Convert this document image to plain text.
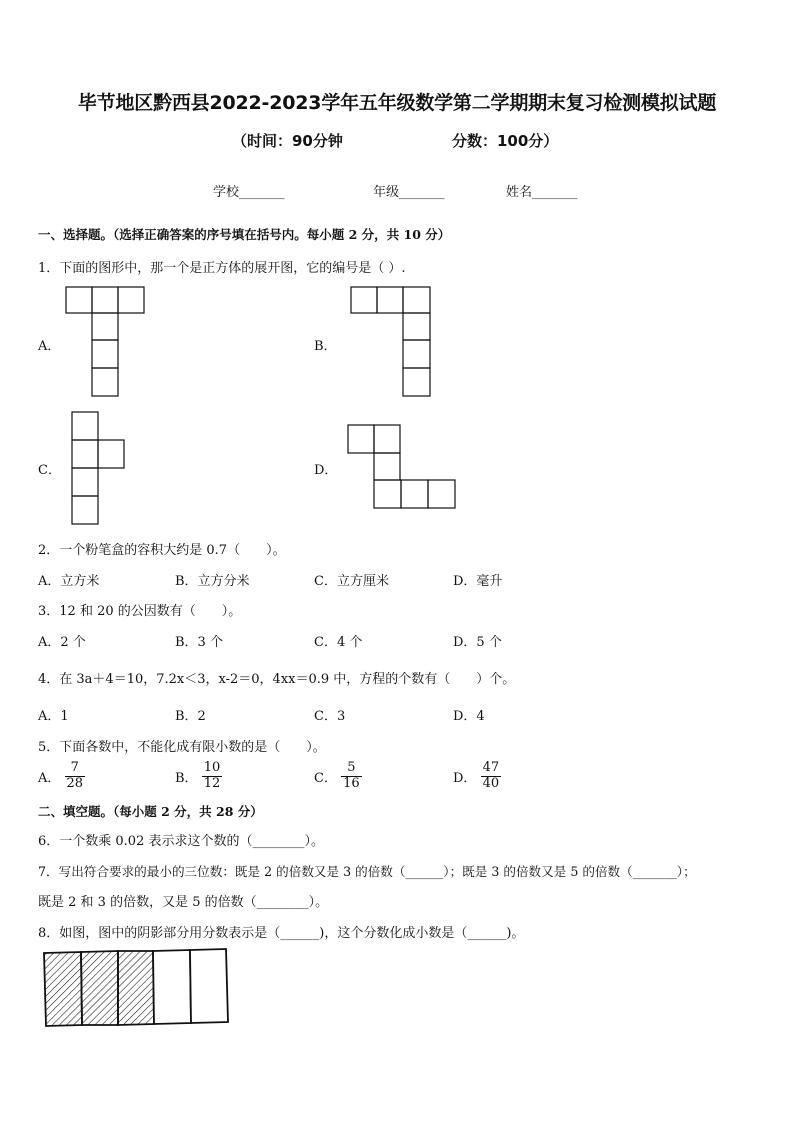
毕节地区黔西县2022-2023学年五年级数学第二学期期末复习检测模拟试题
（时间：90分钟	分数：100分）
学校_______	年级_______	姓名_______
一、选择题。（选择正确答案的序号填在括号内。每小题 2 分，共 10 分）
1．下面的图形中，那一个是正方体的展开图，它的编号是（ ）.
A．	B．
C．	D．
2．一个粉笔盒的容积大约是 0.7（　　）。
A．立方米	B．立方分米	C．立方厘米	D．毫升
3．12 和 20 的公因数有（　　）。
A．2 个	B．3 个	C．4 个	D．5 个
4．在 3a＋4＝10，7.2x＜3，x-2＝0，4xx＝0.9 中，方程的个数有（　　）个。
A．1	B．2	C．3	D．4
5．下面各数中，不能化成有限小数的是（　　）。
A． $\frac{7}{28}$	B． $\frac{10}{12}$	C． $\frac{5}{16}$	D． $\frac{47}{40}$
二、填空题。（每小题 2 分，共 28 分）
6．一个数乘 0.02 表示求这个数的（________）。
7．写出符合要求的最小的三位数：既是 2 的倍数又是 3 的倍数（______）；既是 3 的倍数又是 5 的倍数（_______）；
既是 2 和 3 的倍数，又是 5 的倍数（________）。
8．如图，图中的阴影部分用分数表示是（______)，这个分数化成小数是（______)。
